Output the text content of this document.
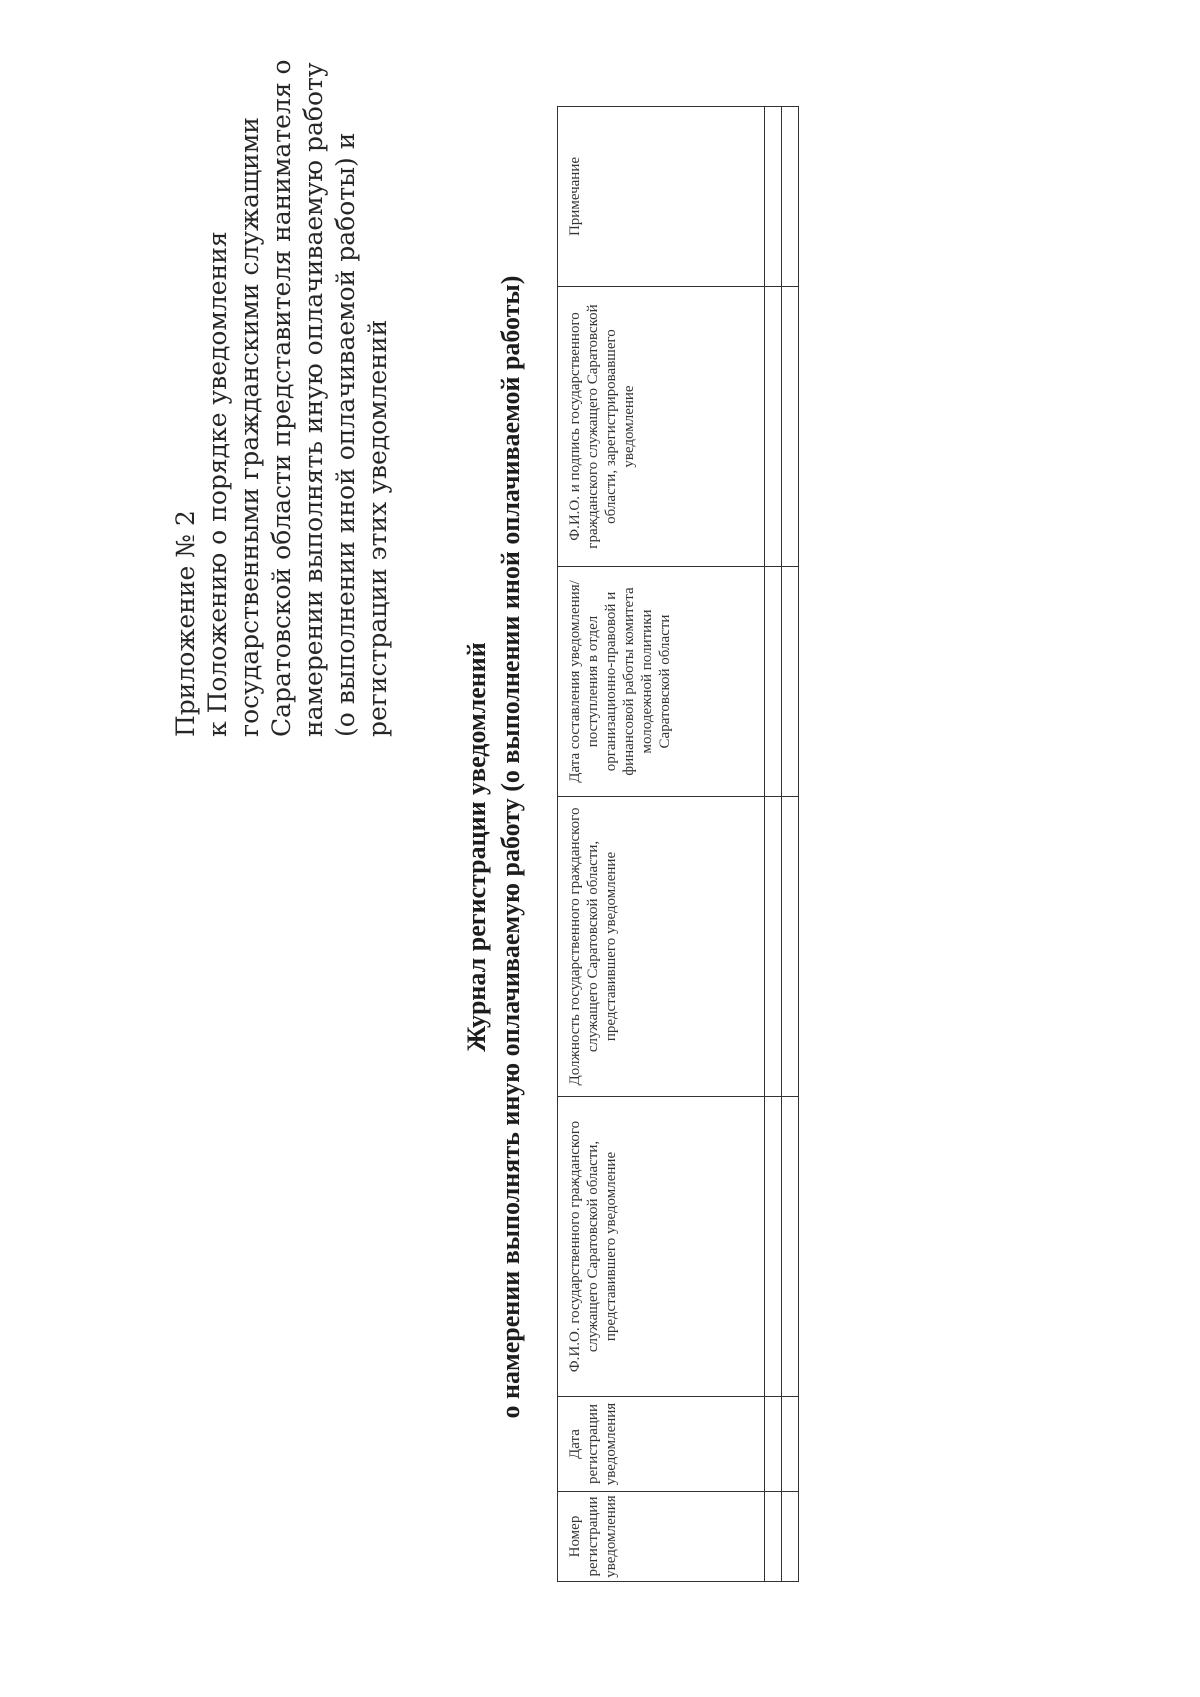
Приложение № 2 к Положению о порядке уведомления государственными гражданскими служащими Саратовской области представителя нанимателя о намерении выполнять иную оплачиваемую работу (о выполнении иной оплачиваемой работы) и регистрации этих уведомлений
Журнал регистрации уведомлений о намерении выполнять иную оплачиваемую работу (о выполнении иной оплачиваемой работы)
Номер регистрации уведомления	Дата регистрации уведомления	Ф.И.О. государственного гражданского служащего Саратовской области, представившего уведомление	Должность государственного гражданского служащего Саратовской области, представившего уведомление	Дата составления уведомления/поступления в отдел организационно-правовой и финансовой работы комитета молодежной политики Саратовской области	Ф.И.О. и подпись государственного гражданского служащего Саратовской области, зарегистрировавшего уведомление	Примечание
